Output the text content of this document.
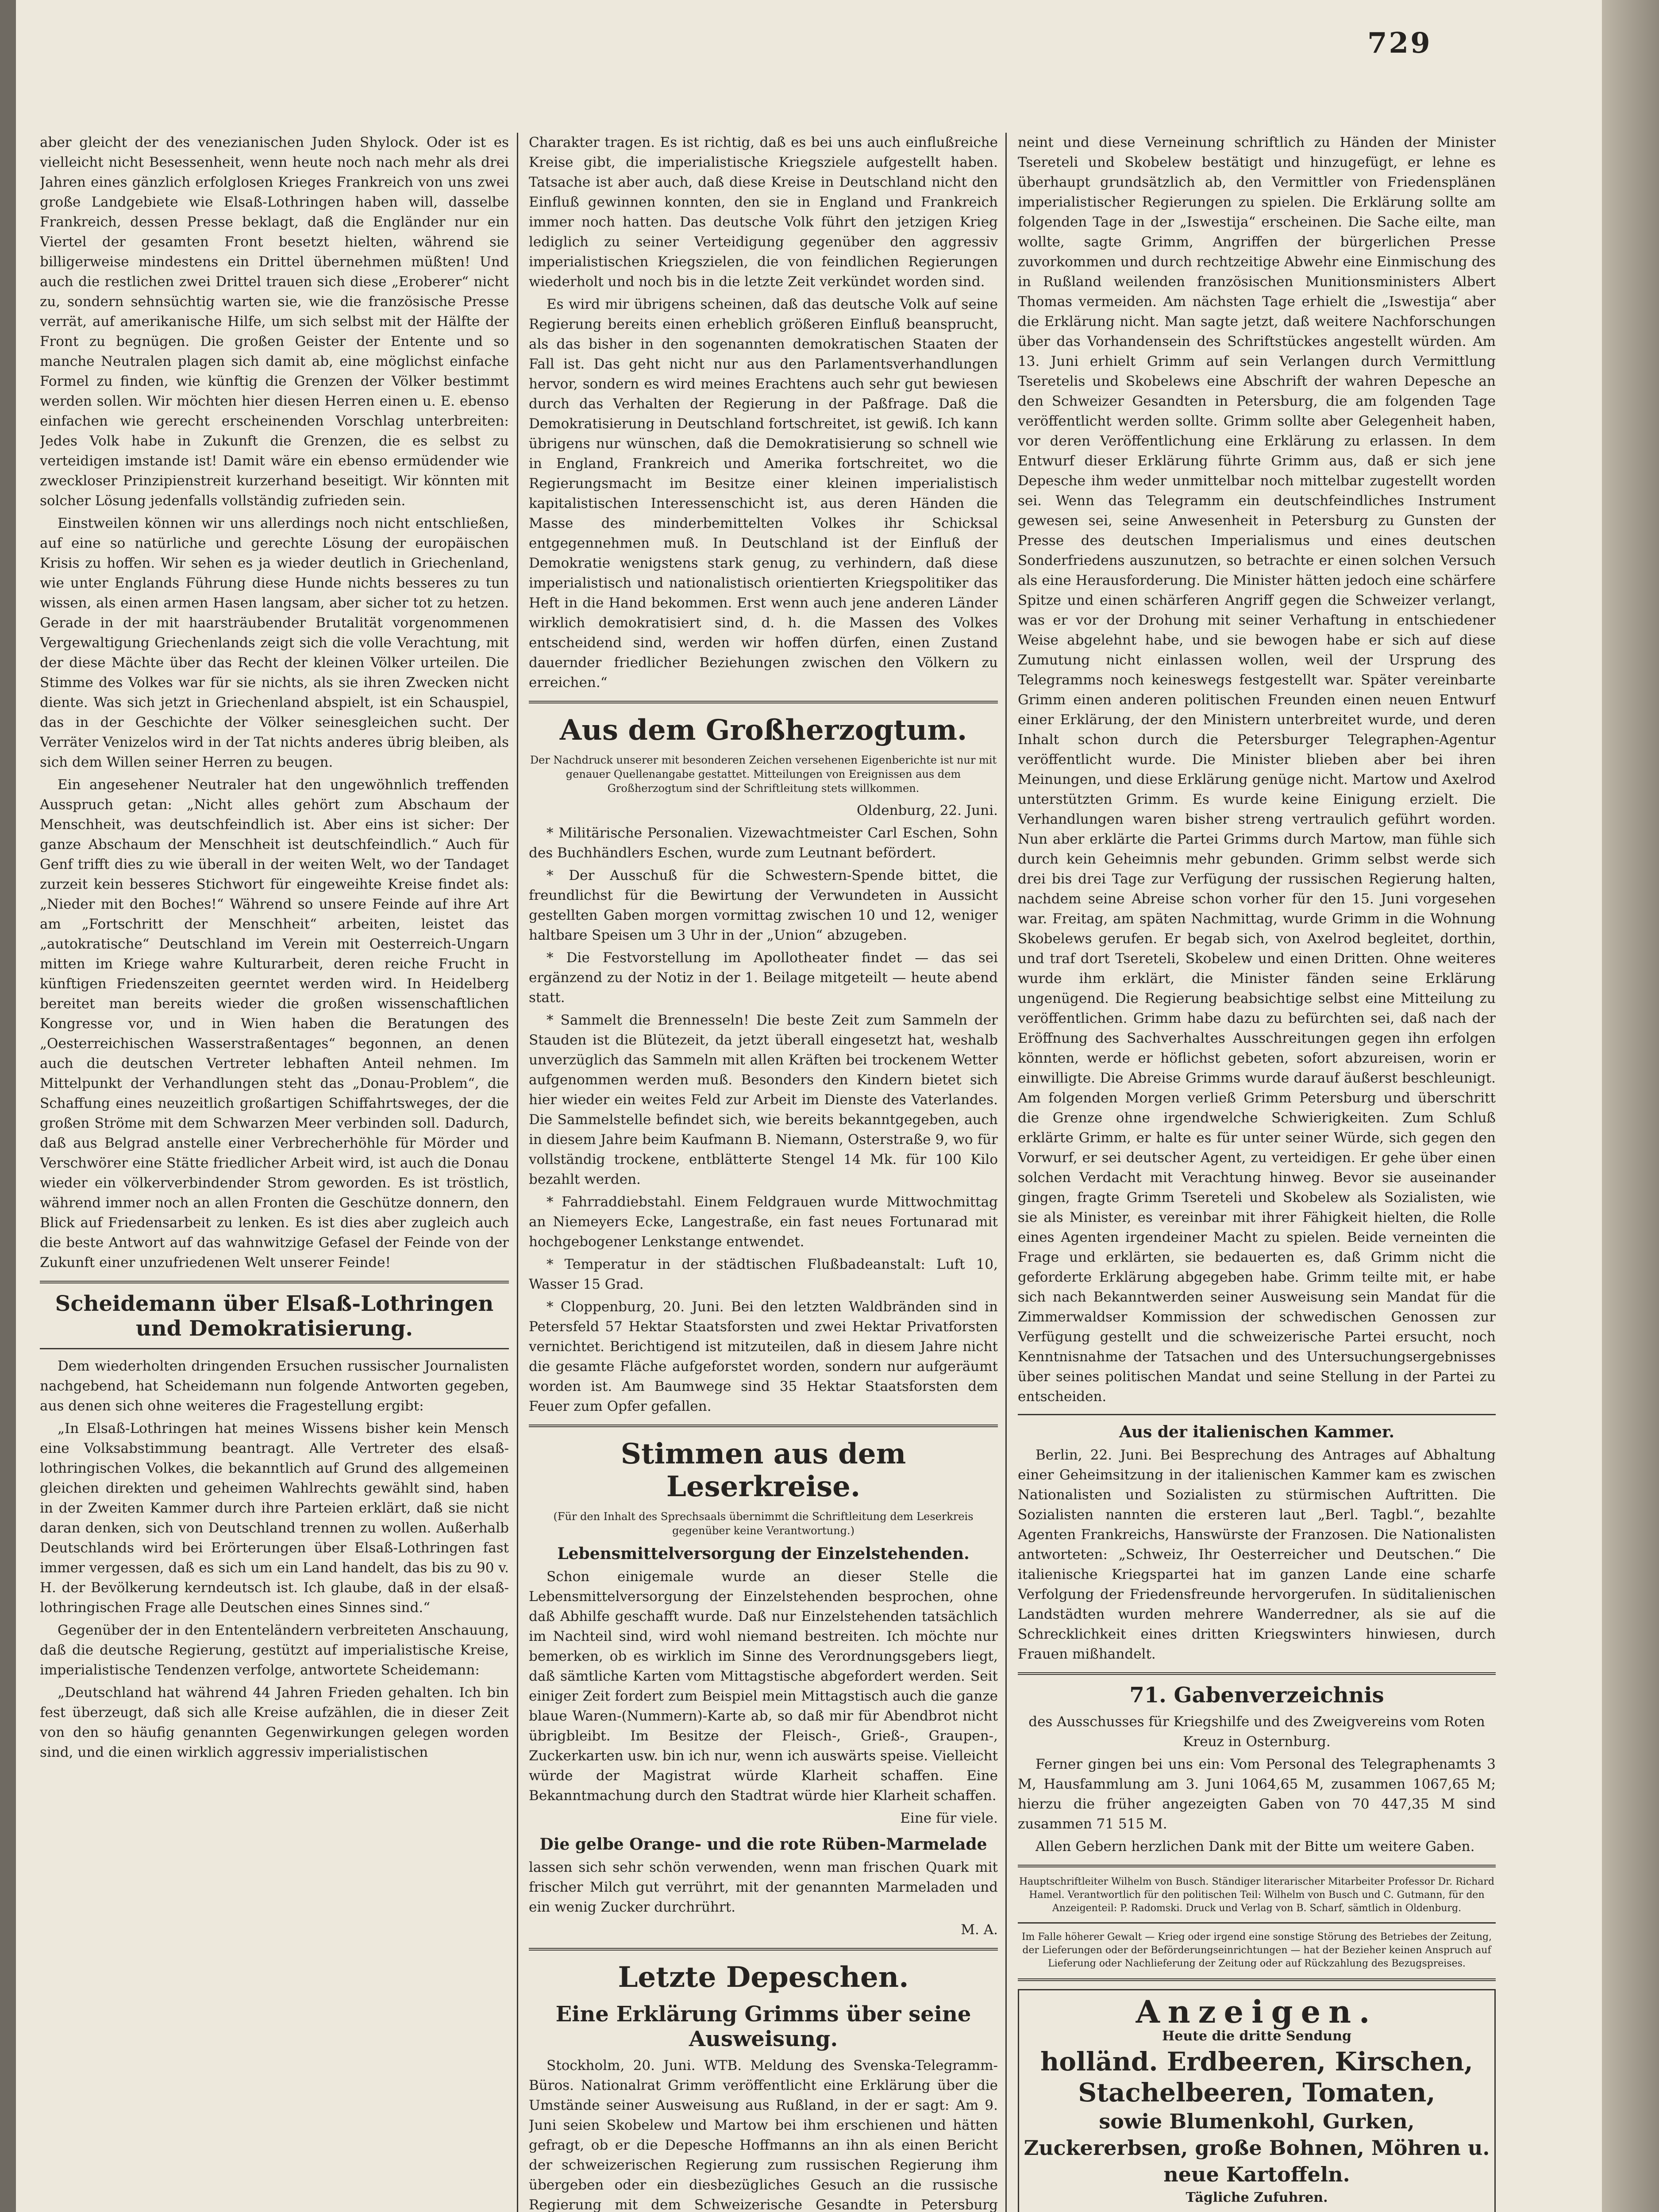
729

aber gleicht der des venezianischen Juden Shylock. Oder ist es vielleicht nicht Besessenheit, wenn heute noch nach mehr als drei Jahren eines gänzlich erfolglosen Krieges Frankreich von uns zwei große Landgebiete wie Elsaß-Lothringen haben will, dasselbe Frankreich, dessen Presse beklagt, daß die Engländer nur ein Viertel der gesamten Front besetzt hielten, während sie billigerweise mindestens ein Drittel übernehmen müßten! Und auch die restlichen zwei Drittel trauen sich diese „Eroberer“ nicht zu, sondern sehnsüchtig warten sie, wie die französische Presse verrät, auf amerikanische Hilfe, um sich selbst mit der Hälfte der Front zu begnügen. Die großen Geister der Entente und so manche Neutralen plagen sich damit ab, eine möglichst einfache Formel zu finden, wie künftig die Grenzen der Völker bestimmt werden sollen. Wir möchten hier diesen Herren einen u. E. ebenso einfachen wie gerecht erscheinenden Vorschlag unterbreiten: Jedes Volk habe in Zukunft die Grenzen, die es selbst zu verteidigen imstande ist! Damit wäre ein ebenso ermüdender wie zweckloser Prinzipienstreit kurzerhand beseitigt. Wir könnten mit solcher Lösung jedenfalls vollständig zufrieden sein.

Einstweilen können wir uns allerdings noch nicht entschließen, auf eine so natürliche und gerechte Lösung der europäischen Krisis zu hoffen. Wir sehen es ja wieder deutlich in Griechenland, wie unter Englands Führung diese Hunde nichts besseres zu tun wissen, als einen armen Hasen langsam, aber sicher tot zu hetzen. Gerade in der mit haarsträubender Brutalität vorgenommenen Vergewaltigung Griechenlands zeigt sich die volle Verachtung, mit der diese Mächte über das Recht der kleinen Völker urteilen. Die Stimme des Volkes war für sie nichts, als sie ihren Zwecken nicht diente. Was sich jetzt in Griechenland abspielt, ist ein Schauspiel, das in der Geschichte der Völker seinesgleichen sucht. Der Verräter Venizelos wird in der Tat nichts anderes übrig bleiben, als sich dem Willen seiner Herren zu beugen.

Ein angesehener Neutraler hat den ungewöhnlich treffenden Ausspruch getan: „Nicht alles gehört zum Abschaum der Menschheit, was deutschfeindlich ist. Aber eins ist sicher: Der ganze Abschaum der Menschheit ist deutschfeindlich.“ Auch für Genf trifft dies zu wie überall in der weiten Welt, wo der Tandaget zurzeit kein besseres Stichwort für eingeweihte Kreise findet als: „Nieder mit den Boches!“ Während so unsere Feinde auf ihre Art am „Fortschritt der Menschheit“ arbeiten, leistet das „autokratische“ Deutschland im Verein mit Oesterreich-Ungarn mitten im Kriege wahre Kulturarbeit, deren reiche Frucht in künftigen Friedenszeiten geerntet werden wird. In Heidelberg bereitet man bereits wieder die großen wissenschaftlichen Kongresse vor, und in Wien haben die Beratungen des „Oesterreichischen Wasserstraßentages“ begonnen, an denen auch die deutschen Vertreter lebhaften Anteil nehmen. Im Mittelpunkt der Verhandlungen steht das „Donau-Problem“, die Schaffung eines neuzeitlich großartigen Schiffahrtsweges, der die großen Ströme mit dem Schwarzen Meer verbinden soll. Dadurch, daß aus Belgrad anstelle einer Verbrecherhöhle für Mörder und Verschwörer eine Stätte friedlicher Arbeit wird, ist auch die Donau wieder ein völkerverbindender Strom geworden. Es ist tröstlich, während immer noch an allen Fronten die Geschütze donnern, den Blick auf Friedensarbeit zu lenken. Es ist dies aber zugleich auch die beste Antwort auf das wahnwitzige Gefasel der Feinde von der Zukunft einer unzufriedenen Welt unserer Feinde!

Scheidemann über Elsaß-Lothringen und Demokratisierung.

Dem wiederholten dringenden Ersuchen russischer Journalisten nachgebend, hat Scheidemann nun folgende Antworten gegeben, aus denen sich ohne weiteres die Fragestellung ergibt:

„In Elsaß-Lothringen hat meines Wissens bisher kein Mensch eine Volksabstimmung beantragt. Alle Vertreter des elsaß-lothringischen Volkes, die bekanntlich auf Grund des allgemeinen gleichen direkten und geheimen Wahlrechts gewählt sind, haben in der Zweiten Kammer durch ihre Parteien erklärt, daß sie nicht daran denken, sich von Deutschland trennen zu wollen. Außerhalb Deutschlands wird bei Erörterungen über Elsaß-Lothringen fast immer vergessen, daß es sich um ein Land handelt, das bis zu 90 v. H. der Bevölkerung kerndeutsch ist. Ich glaube, daß in der elsaß-lothringischen Frage alle Deutschen eines Sinnes sind.“

Gegenüber der in den Ententeländern verbreiteten Anschauung, daß die deutsche Regierung, gestützt auf imperialistische Kreise, imperialistische Tendenzen verfolge, antwortete Scheidemann:

„Deutschland hat während 44 Jahren Frieden gehalten. Ich bin fest überzeugt, daß sich alle Kreise aufzählen, die in dieser Zeit von den so häufig genannten Gegenwirkungen gelegen worden sind, und die einen wirklich aggressiv imperialistischen

Charakter tragen. Es ist richtig, daß es bei uns auch einflußreiche Kreise gibt, die imperialistische Kriegsziele aufgestellt haben. Tatsache ist aber auch, daß diese Kreise in Deutschland nicht den Einfluß gewinnen konnten, den sie in England und Frankreich immer noch hatten. Das deutsche Volk führt den jetzigen Krieg lediglich zu seiner Verteidigung gegenüber den aggressiv imperialistischen Kriegszielen, die von feindlichen Regierungen wiederholt und noch bis in die letzte Zeit verkündet worden sind.

Es wird mir übrigens scheinen, daß das deutsche Volk auf seine Regierung bereits einen erheblich größeren Einfluß beansprucht, als das bisher in den sogenannten demokratischen Staaten der Fall ist. Das geht nicht nur aus den Parlamentsverhandlungen hervor, sondern es wird meines Erachtens auch sehr gut bewiesen durch das Verhalten der Regierung in der Paßfrage. Daß die Demokratisierung in Deutschland fortschreitet, ist gewiß. Ich kann übrigens nur wünschen, daß die Demokratisierung so schnell wie in England, Frankreich und Amerika fortschreitet, wo die Regierungsmacht im Besitze einer kleinen imperialistisch kapitalistischen Interessenschicht ist, aus deren Händen die Masse des minderbemittelten Volkes ihr Schicksal entgegennehmen muß. In Deutschland ist der Einfluß der Demokratie wenigstens stark genug, zu verhindern, daß diese imperialistisch und nationalistisch orientierten Kriegspolitiker das Heft in die Hand bekommen. Erst wenn auch jene anderen Länder wirklich demokratisiert sind, d. h. die Massen des Volkes entscheidend sind, werden wir hoffen dürfen, einen Zustand dauernder friedlicher Beziehungen zwischen den Völkern zu erreichen.“

Aus dem Großherzogtum.

Der Nachdruck unserer mit besonderen Zeichen versehenen Eigenberichte ist nur mit genauer Quellenangabe gestattet. Mitteilungen von Ereignissen aus dem Großherzogtum sind der Schriftleitung stets willkommen.

Oldenburg, 22. Juni.

* Militärische Personalien. Vizewachtmeister Carl Eschen, Sohn des Buchhändlers Eschen, wurde zum Leutnant befördert.

* Der Ausschuß für die Schwestern-Spende bittet, die freundlichst für die Bewirtung der Verwundeten in Aussicht gestellten Gaben morgen vormittag zwischen 10 und 12, weniger haltbare Speisen um 3 Uhr in der „Union“ abzugeben.

* Die Festvorstellung im Apollotheater findet — das sei ergänzend zu der Notiz in der 1. Beilage mitgeteilt — heute abend statt.

* Sammelt die Brennesseln! Die beste Zeit zum Sammeln der Stauden ist die Blütezeit, da jetzt überall eingesetzt hat, weshalb unverzüglich das Sammeln mit allen Kräften bei trockenem Wetter aufgenommen werden muß. Besonders den Kindern bietet sich hier wieder ein weites Feld zur Arbeit im Dienste des Vaterlandes. Die Sammelstelle befindet sich, wie bereits bekanntgegeben, auch in diesem Jahre beim Kaufmann B. Niemann, Osterstraße 9, wo für vollständig trockene, entblätterte Stengel 14 Mk. für 100 Kilo bezahlt werden.

* Fahrraddiebstahl. Einem Feldgrauen wurde Mittwochmittag an Niemeyers Ecke, Langestraße, ein fast neues Fortunarad mit hochgebogener Lenkstange entwendet.

* Temperatur in der städtischen Flußbadeanstalt: Luft 10, Wasser 15 Grad.

* Cloppenburg, 20. Juni. Bei den letzten Waldbränden sind in Petersfeld 57 Hektar Staatsforsten und zwei Hektar Privatforsten vernichtet. Berichtigend ist mitzuteilen, daß in diesem Jahre nicht die gesamte Fläche aufgeforstet worden, sondern nur aufgeräumt worden ist. Am Baumwege sind 35 Hektar Staatsforsten dem Feuer zum Opfer gefallen.

Stimmen aus dem Leserkreise.

(Für den Inhalt des Sprechsaals übernimmt die Schriftleitung dem Leserkreis gegenüber keine Verantwortung.)

Lebensmittelversorgung der Einzelstehenden.

Schon einigemale wurde an dieser Stelle die Lebensmittelversorgung der Einzelstehenden besprochen, ohne daß Abhilfe geschafft wurde. Daß nur Einzelstehenden tatsächlich im Nachteil sind, wird wohl niemand bestreiten. Ich möchte nur bemerken, ob es wirklich im Sinne des Verordnungsgebers liegt, daß sämtliche Karten vom Mittagstische abgefordert werden. Seit einiger Zeit fordert zum Beispiel mein Mittagstisch auch die ganze blaue Waren-(Nummern)-Karte ab, so daß mir für Abendbrot nicht übrigbleibt. Im Besitze der Fleisch-, Grieß-, Graupen-, Zuckerkarten usw. bin ich nur, wenn ich auswärts speise. Vielleicht würde der Magistrat würde Klarheit schaffen. Eine Bekanntmachung durch den Stadtrat würde hier Klarheit schaffen.

Eine für viele.

Die gelbe Orange- und die rote Rüben-Marmelade

lassen sich sehr schön verwenden, wenn man frischen Quark mit frischer Milch gut verrührt, mit der genannten Marmeladen und ein wenig Zucker durchrührt.

M. A.

Letzte Depeschen.
Eine Erklärung Grimms über seine Ausweisung.

Stockholm, 20. Juni. WTB. Meldung des Svenska-Telegramm-Büros. Nationalrat Grimm veröffentlicht eine Erklärung über die Umstände seiner Ausweisung aus Rußland, in der er sagt: Am 9. Juni seien Skobelew und Martow bei ihm erschienen und hätten gefragt, ob er die Depesche Hoffmanns an ihn als einen Bericht der schweizerischen Regierung zum russischen Regierung ihm übergeben oder ein diesbezügliches Gesuch an die russische Regierung mit dem Schweizerische Gesandte in Petersburg

neint und diese Verneinung schriftlich zu Händen der Minister Tsereteli und Skobelew bestätigt und hinzugefügt, er lehne es überhaupt grundsätzlich ab, den Vermittler von Friedensplänen imperialistischer Regierungen zu spielen. Die Erklärung sollte am folgenden Tage in der „Iswestija“ erscheinen. Die Sache eilte, man wollte, sagte Grimm, Angriffen der bürgerlichen Presse zuvorkommen und durch rechtzeitige Abwehr eine Einmischung des in Rußland weilenden französischen Munitionsministers Albert Thomas vermeiden. Am nächsten Tage erhielt die „Iswestija“ aber die Erklärung nicht. Man sagte jetzt, daß weitere Nachforschungen über das Vorhandensein des Schriftstückes angestellt würden. Am 13. Juni erhielt Grimm auf sein Verlangen durch Vermittlung Tseretelis und Skobelews eine Abschrift der wahren Depesche an den Schweizer Gesandten in Petersburg, die am folgenden Tage veröffentlicht werden sollte. Grimm sollte aber Gelegenheit haben, vor deren Veröffentlichung eine Erklärung zu erlassen. In dem Entwurf dieser Erklärung führte Grimm aus, daß er sich jene Depesche ihm weder unmittelbar noch mittelbar zugestellt worden sei. Wenn das Telegramm ein deutschfeindliches Instrument gewesen sei, seine Anwesenheit in Petersburg zu Gunsten der Presse des deutschen Imperialismus und eines deutschen Sonderfriedens auszunutzen, so betrachte er einen solchen Versuch als eine Herausforderung. Die Minister hätten jedoch eine schärfere Spitze und einen schärferen Angriff gegen die Schweizer verlangt, was er vor der Drohung mit seiner Verhaftung in entschiedener Weise abgelehnt habe, und sie bewogen habe er sich auf diese Zumutung nicht einlassen wollen, weil der Ursprung des Telegramms noch keineswegs festgestellt war. Später vereinbarte Grimm einen anderen politischen Freunden einen neuen Entwurf einer Erklärung, der den Ministern unterbreitet wurde, und deren Inhalt schon durch die Petersburger Telegraphen-Agentur veröffentlicht wurde. Die Minister blieben aber bei ihren Meinungen, und diese Erklärung genüge nicht. Martow und Axelrod unterstützten Grimm. Es wurde keine Einigung erzielt. Die Verhandlungen waren bisher streng vertraulich geführt worden. Nun aber erklärte die Partei Grimms durch Martow, man fühle sich durch kein Geheimnis mehr gebunden. Grimm selbst werde sich drei bis drei Tage zur Verfügung der russischen Regierung halten, nachdem seine Abreise schon vorher für den 15. Juni vorgesehen war. Freitag, am späten Nachmittag, wurde Grimm in die Wohnung Skobelews gerufen. Er begab sich, von Axelrod begleitet, dorthin, und traf dort Tsereteli, Skobelew und einen Dritten. Ohne weiteres wurde ihm erklärt, die Minister fänden seine Erklärung ungenügend. Die Regierung beabsichtige selbst eine Mitteilung zu veröffentlichen. Grimm habe dazu zu befürchten sei, daß nach der Eröffnung des Sachverhaltes Ausschreitungen gegen ihn erfolgen könnten, werde er höflichst gebeten, sofort abzureisen, worin er einwilligte. Die Abreise Grimms wurde darauf äußerst beschleunigt. Am folgenden Morgen verließ Grimm Petersburg und überschritt die Grenze ohne irgendwelche Schwierigkeiten. Zum Schluß erklärte Grimm, er halte es für unter seiner Würde, sich gegen den Vorwurf, er sei deutscher Agent, zu verteidigen. Er gehe über einen solchen Verdacht mit Verachtung hinweg. Bevor sie auseinander gingen, fragte Grimm Tsereteli und Skobelew als Sozialisten, wie sie als Minister, es vereinbar mit ihrer Fähigkeit hielten, die Rolle eines Agenten irgendeiner Macht zu spielen. Beide verneinten die Frage und erklärten, sie bedauerten es, daß Grimm nicht die geforderte Erklärung abgegeben habe. Grimm teilte mit, er habe sich nach Bekanntwerden seiner Ausweisung sein Mandat für die Zimmerwaldser Kommission der schwedischen Genossen zur Verfügung gestellt und die schweizerische Partei ersucht, noch Kenntnisnahme der Tatsachen und des Untersuchungsergebnisses über seines politischen Mandat und seine Stellung in der Partei zu entscheiden.

Aus der italienischen Kammer.

Berlin, 22. Juni. Bei Besprechung des Antrages auf Abhaltung einer Geheimsitzung in der italienischen Kammer kam es zwischen Nationalisten und Sozialisten zu stürmischen Auftritten. Die Sozialisten nannten die ersteren laut „Berl. Tagbl.“, bezahlte Agenten Frankreichs, Hanswürste der Franzosen. Die Nationalisten antworteten: „Schweiz, Ihr Oesterreicher und Deutschen.“ Die italienische Kriegspartei hat im ganzen Lande eine scharfe Verfolgung der Friedensfreunde hervorgerufen. In süditalienischen Landstädten wurden mehrere Wanderredner, als sie auf die Schrecklichkeit eines dritten Kriegswinters hinwiesen, durch Frauen mißhandelt.

71. Gabenverzeichnis

des Ausschusses für Kriegshilfe und des Zweigvereins vom Roten Kreuz in Osternburg.

Ferner gingen bei uns ein: Vom Personal des Telegraphenamts 3 M, Hausfammlung am 3. Juni 1064,65 M, zusammen 1067,65 M; hierzu die früher angezeigten Gaben von 70 447,35 M sind zusammen 71 515 M.

Allen Gebern herzlichen Dank mit der Bitte um weitere Gaben.

Hauptschriftleiter Wilhelm von Busch. Ständiger literarischer Mitarbeiter Professor Dr. Richard Hamel. Verantwortlich für den politischen Teil: Wilhelm von Busch und C. Gutmann, für den Anzeigenteil: P. Radomski. Druck und Verlag von B. Scharf, sämtlich in Oldenburg.

Im Falle höherer Gewalt — Krieg oder irgend eine sonstige Störung des Betriebes der Zeitung, der Lieferungen oder der Beförderungseinrichtungen — hat der Bezieher keinen Anspruch auf Lieferung oder Nachlieferung der Zeitung oder auf Rückzahlung des Bezugspreises.

Anzeigen.
Heute die dritte Sendung
holländ. Erdbeeren, Kirschen, Stachelbeeren, Tomaten,
sowie Blumenkohl, Gurken, Zuckererbsen, große Bohnen, Möhren u. neue Kartoffeln.
Tägliche Zufuhren.
